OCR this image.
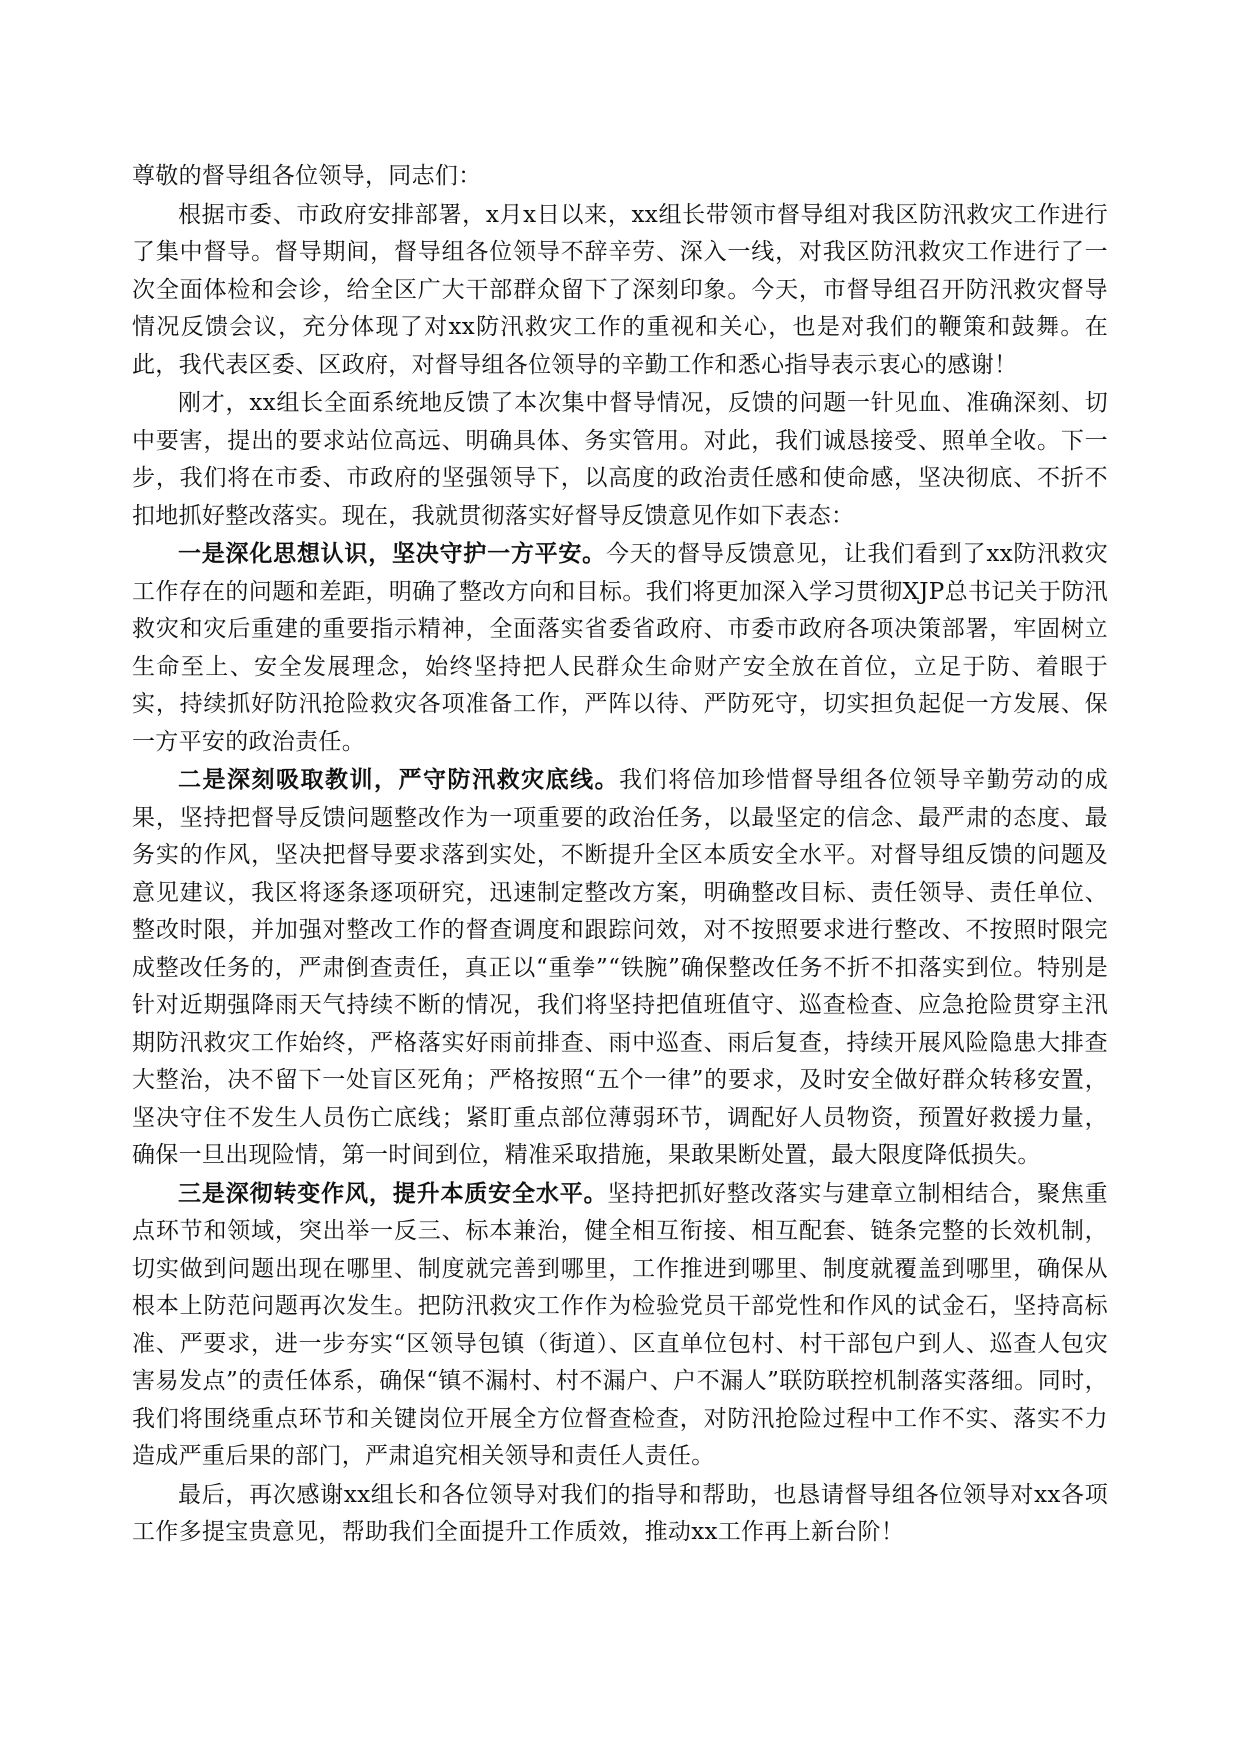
尊敬的督导组各位领导，同志们：

根据市委、市政府安排部署，x月x日以来，xx组长带领市督导组对我区防汛救灾工作进行了集中督导。督导期间，督导组各位领导不辞辛劳、深入一线，对我区防汛救灾工作进行了一次全面体检和会诊，给全区广大干部群众留下了深刻印象。今天，市督导组召开防汛救灾督导情况反馈会议，充分体现了对xx防汛救灾工作的重视和关心，也是对我们的鞭策和鼓舞。在此，我代表区委、区政府，对督导组各位领导的辛勤工作和悉心指导表示衷心的感谢！

刚才，xx组长全面系统地反馈了本次集中督导情况，反馈的问题一针见血、准确深刻、切中要害，提出的要求站位高远、明确具体、务实管用。对此，我们诚恳接受、照单全收。下一步，我们将在市委、市政府的坚强领导下，以高度的政治责任感和使命感，坚决彻底、不折不扣地抓好整改落实。现在，我就贯彻落实好督导反馈意见作如下表态：

一是深化思想认识，坚决守护一方平安。今天的督导反馈意见，让我们看到了xx防汛救灾工作存在的问题和差距，明确了整改方向和目标。我们将更加深入学习贯彻XJP总书记关于防汛救灾和灾后重建的重要指示精神，全面落实省委省政府、市委市政府各项决策部署，牢固树立生命至上、安全发展理念，始终坚持把人民群众生命财产安全放在首位，立足于防、着眼于实，持续抓好防汛抢险救灾各项准备工作，严阵以待、严防死守，切实担负起促一方发展、保一方平安的政治责任。

二是深刻吸取教训，严守防汛救灾底线。我们将倍加珍惜督导组各位领导辛勤劳动的成果，坚持把督导反馈问题整改作为一项重要的政治任务，以最坚定的信念、最严肃的态度、最务实的作风，坚决把督导要求落到实处，不断提升全区本质安全水平。对督导组反馈的问题及意见建议，我区将逐条逐项研究，迅速制定整改方案，明确整改目标、责任领导、责任单位、整改时限，并加强对整改工作的督查调度和跟踪问效，对不按照要求进行整改、不按照时限完成整改任务的，严肃倒查责任，真正以“重拳”“铁腕”确保整改任务不折不扣落实到位。特别是针对近期强降雨天气持续不断的情况，我们将坚持把值班值守、巡查检查、应急抢险贯穿主汛期防汛救灾工作始终，严格落实好雨前排查、雨中巡查、雨后复查，持续开展风险隐患大排查大整治，决不留下一处盲区死角；严格按照“五个一律”的要求，及时安全做好群众转移安置，坚决守住不发生人员伤亡底线；紧盯重点部位薄弱环节，调配好人员物资，预置好救援力量，确保一旦出现险情，第一时间到位，精准采取措施，果敢果断处置，最大限度降低损失。

三是深彻转变作风，提升本质安全水平。坚持把抓好整改落实与建章立制相结合，聚焦重点环节和领域，突出举一反三、标本兼治，健全相互衔接、相互配套、链条完整的长效机制，切实做到问题出现在哪里、制度就完善到哪里，工作推进到哪里、制度就覆盖到哪里，确保从根本上防范问题再次发生。把防汛救灾工作作为检验党员干部党性和作风的试金石，坚持高标准、严要求，进一步夯实“区领导包镇（街道）、区直单位包村、村干部包户到人、巡查人包灾害易发点”的责任体系，确保“镇不漏村、村不漏户、户不漏人”联防联控机制落实落细。同时，我们将围绕重点环节和关键岗位开展全方位督查检查，对防汛抢险过程中工作不实、落实不力造成严重后果的部门，严肃追究相关领导和责任人责任。

最后，再次感谢xx组长和各位领导对我们的指导和帮助，也恳请督导组各位领导对xx各项工作多提宝贵意见，帮助我们全面提升工作质效，推动xx工作再上新台阶！
